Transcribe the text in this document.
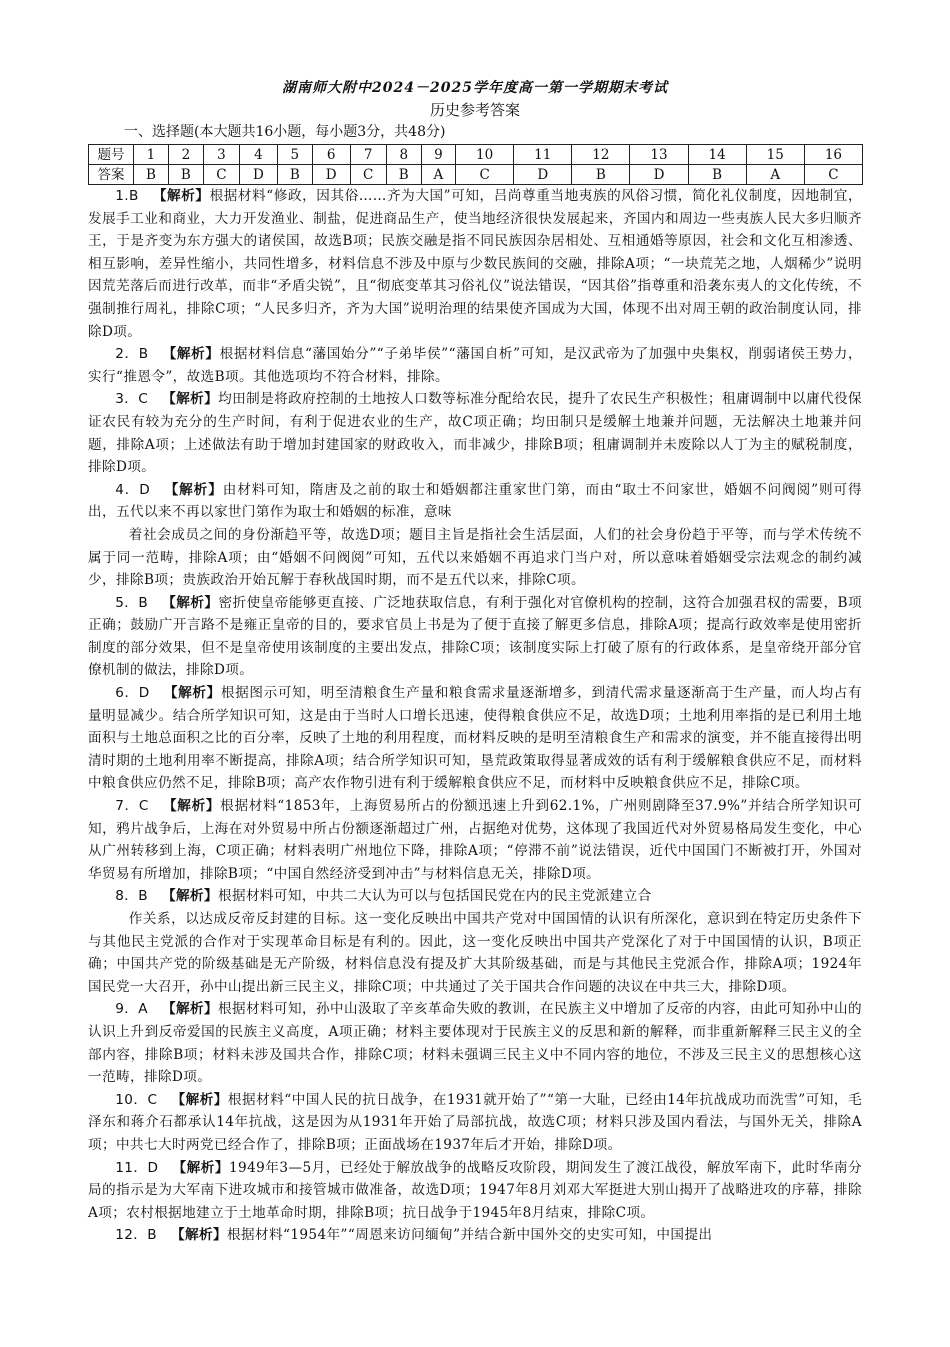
湖南师大附中2024－2025学年度高一第一学期期末考试

历史参考答案

一、选择题(本大题共16小题，每小题3分，共48分)

题号	1	2	3	4	5	6	7	8	9	10	11	12	13	14	15	16
答案	B	B	C	D	B	D	C	B	A	C	D	B	D	B	A	C

1.B  【解析】根据材料“修政，因其俗……齐为大国”可知，吕尚尊重当地夷族的风俗习惯，简化礼仪制度，因地制宜，发展手工业和商业，大力开发渔业、制盐，促进商品生产，使当地经济很快发展起来，齐国内和周边一些夷族人民大多归顺齐王，于是齐变为东方强大的诸侯国，故选B项；民族交融是指不同民族因杂居相处、互相通婚等原因，社会和文化互相渗透、相互影响，差异性缩小，共同性增多，材料信息不涉及中原与少数民族间的交融，排除A项；“一块荒芜之地，人烟稀少”说明因荒芜落后而进行改革，而非“矛盾尖锐”，且“彻底变革其习俗礼仪”说法错误，“因其俗”指尊重和沿袭东夷人的文化传统，不强制推行周礼，排除C项；“人民多归齐，齐为大国”说明治理的结果使齐国成为大国，体现不出对周王朝的政治制度认同，排除D项。

2．B  【解析】根据材料信息“藩国始分”“子弟毕侯”“藩国自析”可知，是汉武帝为了加强中央集权，削弱诸侯王势力，实行“推恩令”，故选B项。其他选项均不符合材料，排除。

3．C  【解析】均田制是将政府控制的土地按人口数等标准分配给农民，提升了农民生产积极性；租庸调制中以庸代役保证农民有较为充分的生产时间，有利于促进农业的生产，故C项正确；均田制只是缓解土地兼并问题，无法解决土地兼并问题，排除A项；上述做法有助于增加封建国家的财政收入，而非减少，排除B项；租庸调制并未废除以人丁为主的赋税制度，排除D项。

4．D  【解析】由材料可知，隋唐及之前的取士和婚姻都注重家世门第，而由“取士不问家世，婚姻不问阀阅”则可得出，五代以来不再以家世门第作为取士和婚姻的标准，意味

着社会成员之间的身份渐趋平等，故选D项；题目主旨是指社会生活层面，人们的社会身份趋于平等，而与学术传统不属于同一范畴，排除A项；由“婚姻不问阀阅”可知，五代以来婚姻不再追求门当户对，所以意味着婚姻受宗法观念的制约减少，排除B项；贵族政治开始瓦解于春秋战国时期，而不是五代以来，排除C项。

5．B  【解析】密折使皇帝能够更直接、广泛地获取信息，有利于强化对官僚机构的控制，这符合加强君权的需要，B项正确；鼓励广开言路不是雍正皇帝的目的，要求官员上书是为了便于直接了解更多信息，排除A项；提高行政效率是使用密折制度的部分效果，但不是皇帝使用该制度的主要出发点，排除C项；该制度实际上打破了原有的行政体系，是皇帝绕开部分官僚机制的做法，排除D项。

6．D  【解析】根据图示可知，明至清粮食生产量和粮食需求量逐渐增多，到清代需求量逐渐高于生产量，而人均占有量明显减少。结合所学知识可知，这是由于当时人口增长迅速，使得粮食供应不足，故选D项；土地利用率指的是已利用土地面积与土地总面积之比的百分率，反映了土地的利用程度，而材料反映的是明至清粮食生产和需求的演变，并不能直接得出明清时期的土地利用率不断提高，排除A项；结合所学知识可知，垦荒政策取得显著成效的话有利于缓解粮食供应不足，而材料中粮食供应仍然不足，排除B项；高产农作物引进有利于缓解粮食供应不足，而材料中反映粮食供应不足，排除C项。

7．C  【解析】根据材料“1853年，上海贸易所占的份额迅速上升到62.1%，广州则剧降至37.9%”并结合所学知识可知，鸦片战争后，上海在对外贸易中所占份额逐渐超过广州，占据绝对优势，这体现了我国近代对外贸易格局发生变化，中心从广州转移到上海，C项正确；材料表明广州地位下降，排除A项；“停滞不前”说法错误，近代中国国门不断被打开，外国对华贸易有所增加，排除B项；“中国自然经济受到冲击”与材料信息无关，排除D项。

8．B  【解析】根据材料可知，中共二大认为可以与包括国民党在内的民主党派建立合

作关系，以达成反帝反封建的目标。这一变化反映出中国共产党对中国国情的认识有所深化，意识到在特定历史条件下与其他民主党派的合作对于实现革命目标是有利的。因此，这一变化反映出中国共产党深化了对于中国国情的认识，B项正确；中国共产党的阶级基础是无产阶级，材料信息没有提及扩大其阶级基础，而是与其他民主党派合作，排除A项；1924年国民党一大召开，孙中山提出新三民主义，排除C项；中共通过了关于国共合作问题的决议在中共三大，排除D项。

9．A  【解析】根据材料可知，孙中山汲取了辛亥革命失败的教训，在民族主义中增加了反帝的内容，由此可知孙中山的认识上升到反帝爱国的民族主义高度，A项正确；材料主要体现对于民族主义的反思和新的解释，而非重新解释三民主义的全部内容，排除B项；材料未涉及国共合作，排除C项；材料未强调三民主义中不同内容的地位，不涉及三民主义的思想核心这一范畴，排除D项。

10．C  【解析】根据材料“中国人民的抗日战争，在1931就开始了”“第一大耻，已经由14年抗战成功而洗雪”可知，毛泽东和蒋介石都承认14年抗战，这是因为从1931年开始了局部抗战，故选C项；材料只涉及国内看法，与国外无关，排除A项；中共七大时两党已经合作了，排除B项；正面战场在1937年后才开始，排除D项。

11．D  【解析】1949年3—5月，已经处于解放战争的战略反攻阶段，期间发生了渡江战役，解放军南下，此时华南分局的指示是为大军南下进攻城市和接管城市做准备，故选D项；1947年8月刘邓大军挺进大别山揭开了战略进攻的序幕，排除A项；农村根据地建立于土地革命时期，排除B项；抗日战争于1945年8月结束，排除C项。

12．B  【解析】根据材料“1954年”“周恩来访问缅甸”并结合新中国外交的史实可知，中国提出
